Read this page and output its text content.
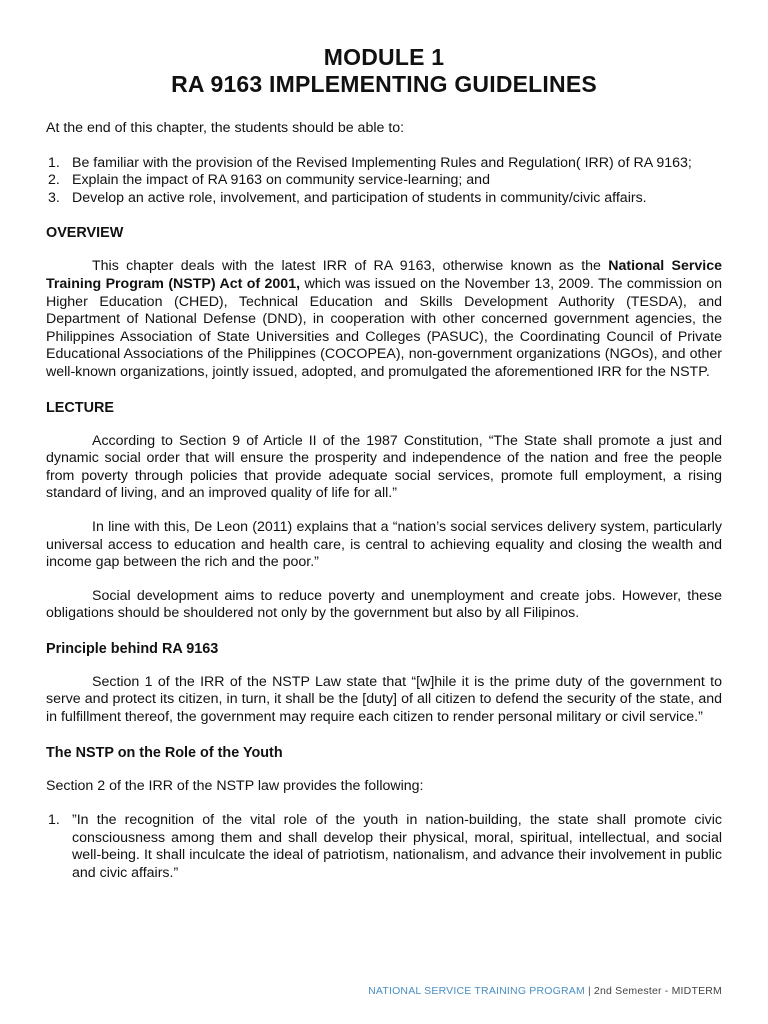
MODULE 1
RA 9163 IMPLEMENTING GUIDELINES

At the end of this chapter, the students should be able to:

1. Be familiar with the provision of the Revised Implementing Rules and Regulation( IRR) of RA 9163;
2. Explain the impact of RA 9163 on community service-learning; and
3. Develop an active role, involvement, and participation of students in community/civic affairs.
OVERVIEW

This chapter deals with the latest IRR of RA 9163, otherwise known as the National Service Training Program (NSTP) Act of 2001, which was issued on the November 13, 2009. The commission on Higher Education (CHED), Technical Education and Skills Development Authority (TESDA), and Department of National Defense (DND), in cooperation with other concerned government agencies, the Philippines Association of State Universities and Colleges (PASUC), the Coordinating Council of Private Educational Associations of the Philippines (COCOPEA), non-government organizations (NGOs), and other well-known organizations, jointly issued, adopted, and promulgated the aforementioned IRR for the NSTP.

LECTURE

According to Section 9 of Article II of the 1987 Constitution, “The State shall promote a just and dynamic social order that will ensure the prosperity and independence of the nation and free the people from poverty through policies that provide adequate social services, promote full employment, a rising standard of living, and an improved quality of life for all.”

In line with this, De Leon (2011) explains that a “nation’s social services delivery system, particularly universal access to education and health care, is central to achieving equality and closing the wealth and income gap between the rich and the poor.”

Social development aims to reduce poverty and unemployment and create jobs. However, these obligations should be shouldered not only by the government but also by all Filipinos.

Principle behind RA 9163

Section 1 of the IRR of the NSTP Law state that “[w]hile it is the prime duty of the government to serve and protect its citizen, in turn, it shall be the [duty] of all citizen to defend the security of the state, and in fulfillment thereof, the government may require each citizen to render personal military or civil service.”

The NSTP on the Role of the Youth

Section 2 of the IRR of the NSTP law provides the following:

1. ”In the recognition of the vital role of the youth in nation-building, the state shall promote civic consciousness among them and shall develop their physical, moral, spiritual, intellectual, and social well-being. It shall inculcate the ideal of patriotism, nationalism, and advance their involvement in public and civic affairs.”
NATIONAL SERVICE TRAINING PROGRAM | 2nd Semester - MIDTERM
